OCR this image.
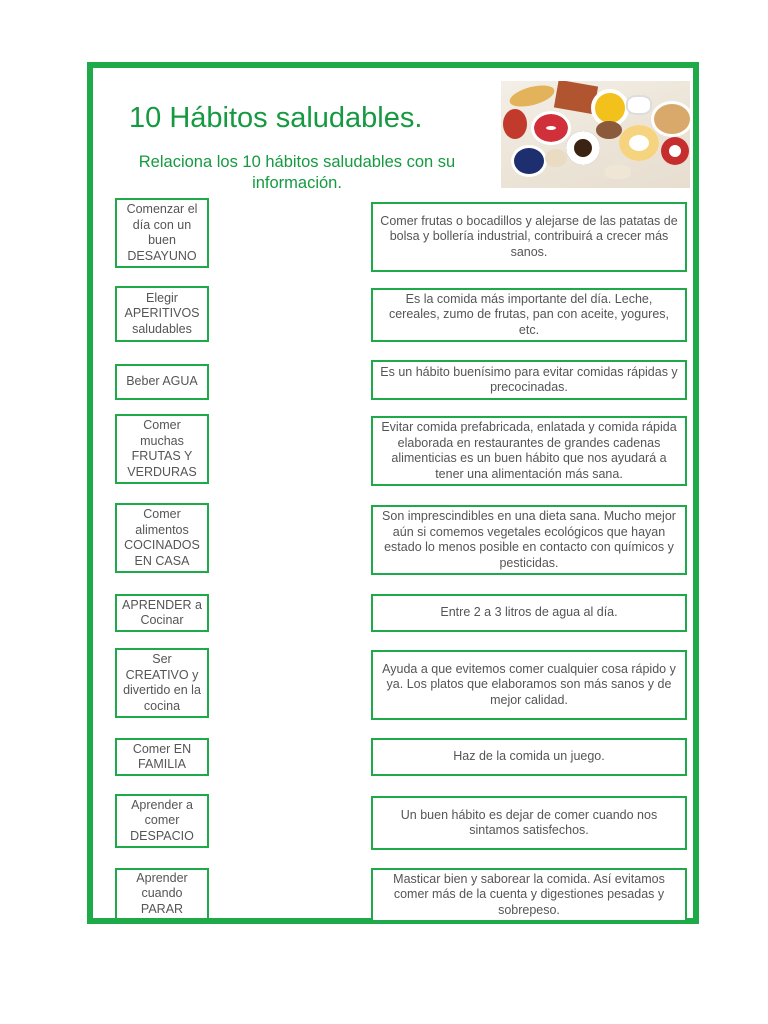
10 Hábitos saludables.

Relaciona los 10 hábitos saludables con su información.

Comenzar el día con un buen DESAYUNO
Elegir APERITIVOS saludables
Beber AGUA
Comer muchas FRUTAS Y VERDURAS
Comer alimentos COCINADOS EN CASA
APRENDER a Cocinar
Ser CREATIVO y divertido en la cocina
Comer EN FAMILIA
Aprender a comer DESPACIO
Aprender cuando PARAR
Comer frutas o bocadillos y alejarse de las patatas de bolsa y bollería industrial, contribuirá a crecer más sanos.
Es la comida más importante del día. Leche, cereales, zumo de frutas, pan con aceite, yogures, etc.
Es un hábito buenísimo para evitar comidas rápidas y precocinadas.
Evitar comida prefabricada, enlatada y comida rápida elaborada en restaurantes de grandes cadenas alimenticias es un buen hábito que nos ayudará a tener una alimentación más sana.
Son imprescindibles en una dieta sana. Mucho mejor aún si comemos vegetales ecológicos que hayan estado lo menos posible en contacto con químicos y pesticidas.
Entre 2 a 3 litros de agua al día.
Ayuda a que evitemos comer cualquier cosa rápido y ya. Los platos que elaboramos son más sanos y de mejor calidad.
Haz de la comida un juego.
Un buen hábito es dejar de comer cuando nos sintamos satisfechos.
Masticar bien y saborear la comida. Así evitamos comer más de la cuenta y digestiones pesadas y sobrepeso.
